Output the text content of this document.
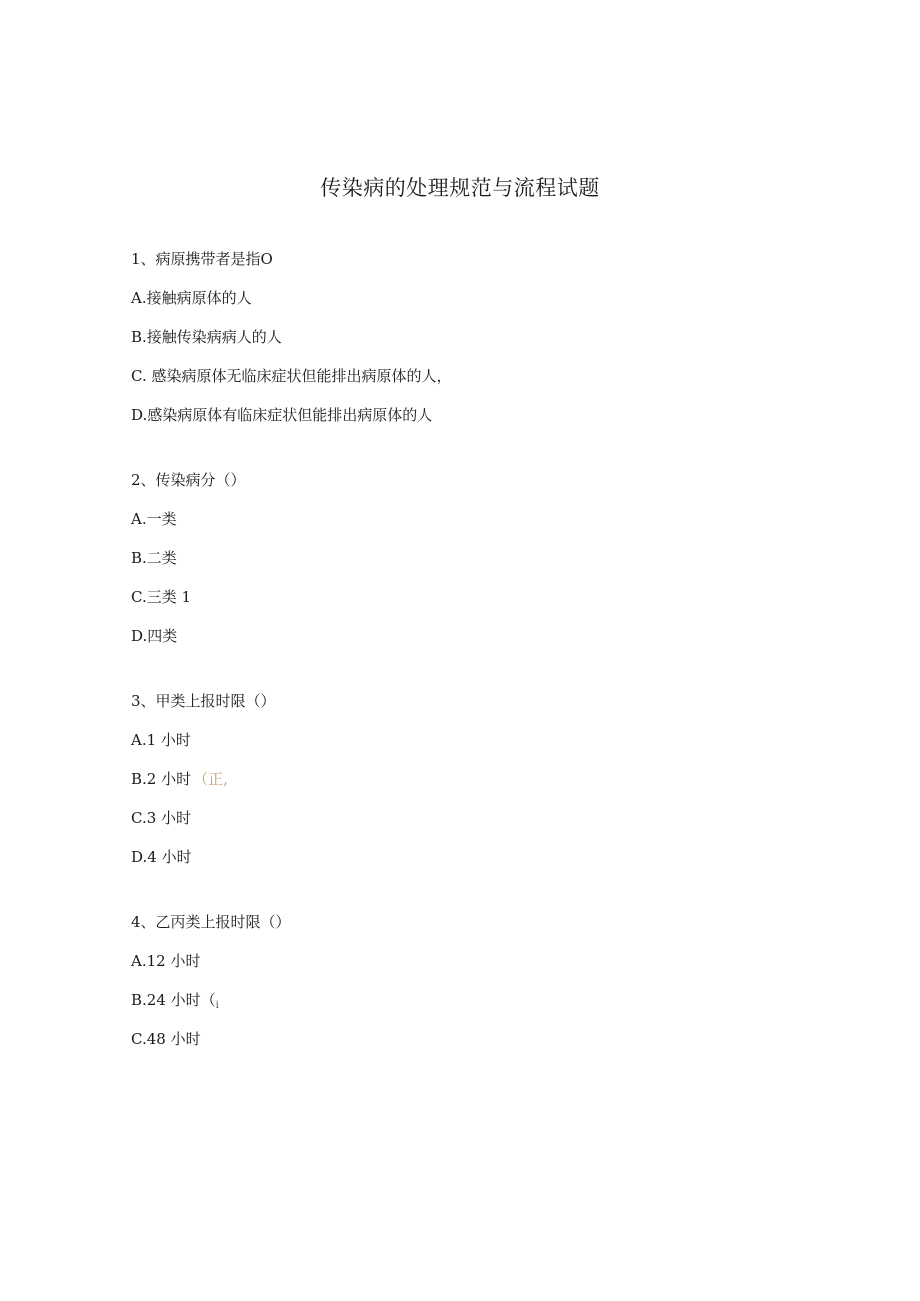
传染病的处理规范与流程试题
1、病原携带者是指O
A.接触病原体的人
B.接触传染病病人的人
C. 感染病原体无临床症状但能排出病原体的人，
D.感染病原体有临床症状但能排出病原体的人
2、传染病分（）
A.一类
B.二类
C.三类 1
D.四类
3、甲类上报时限（）
A.1 小时
B.2 小时 （正,
C.3 小时
D.4 小时
4、乙丙类上报时限（）
A.12 小时
B.24 小时（$_i$
C.48 小时
